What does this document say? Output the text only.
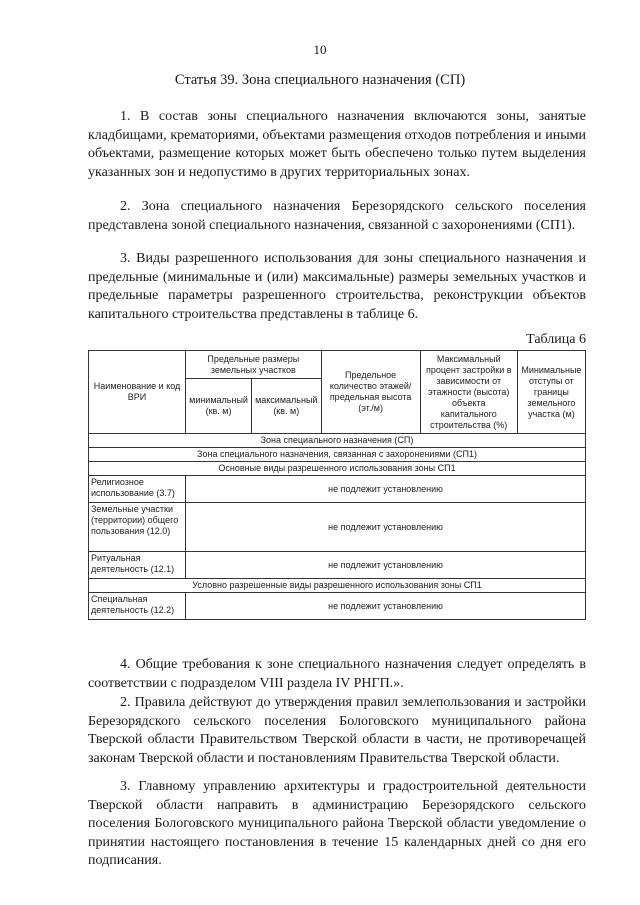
10
Статья 39. Зона специального назначения (СП)

1. В состав зоны специального назначения включаются зоны, занятые кладбищами, крематориями, объектами размещения отходов потребления и иными объектами, размещение которых может быть обеспечено только путем выделения указанных зон и недопустимо в других территориальных зонах.

2. Зона специального назначения Березорядского сельского поселения представлена зоной специального назначения, связанной с захоронениями (СП1).

3. Виды разрешенного использования для зоны специального назначения и предельные (минимальные и (или) максимальные) размеры земельных участков и предельные параметры разрешенного строительства, реконструкции объектов капитального строительства представлены в таблице 6.

Таблица 6
Наименование и код ВРИ	Предельные размеры земельных участков		Предельное количество этажей/ предельная высота (эт./м)	Максимальный процент застройки в зависимости от этажности (высота) объекта капитального строительства (%)	Минимальные отступы от границы земельного участка (м)
	минимальный (кв. м)	максимальный (кв. м)			
Зона специального назначения (СП)					
Зона специального назначения, связанная с захоронениями (СП1)					
Основные виды разрешенного использования зоны СП1					
Религиозное использование (3.7)	не подлежит установлению				
Земельные участки (территории) общего пользования (12.0)	не подлежит установлению				
Ритуальная деятельность (12.1)	не подлежит установлению				
Условно разрешенные виды разрешенного использования зоны СП1					
Специальная деятельность (12.2)	не подлежит установлению				

4. Общие требования к зоне специального назначения следует определять в соответствии с подразделом VIII раздела IV РНГП.».

2. Правила действуют до утверждения правил землепользования и застройки Березорядского сельского поселения Бологовского муниципального района Тверской области Правительством Тверской области в части, не противоречащей законам Тверской области и постановлениям Правительства Тверской области.

3. Главному управлению архитектуры и градостроительной деятельности Тверской области направить в администрацию Березорядского сельского поселения Бологовского муниципального района Тверской области уведомление о принятии настоящего постановления в течение 15 календарных дней со дня его подписания.
